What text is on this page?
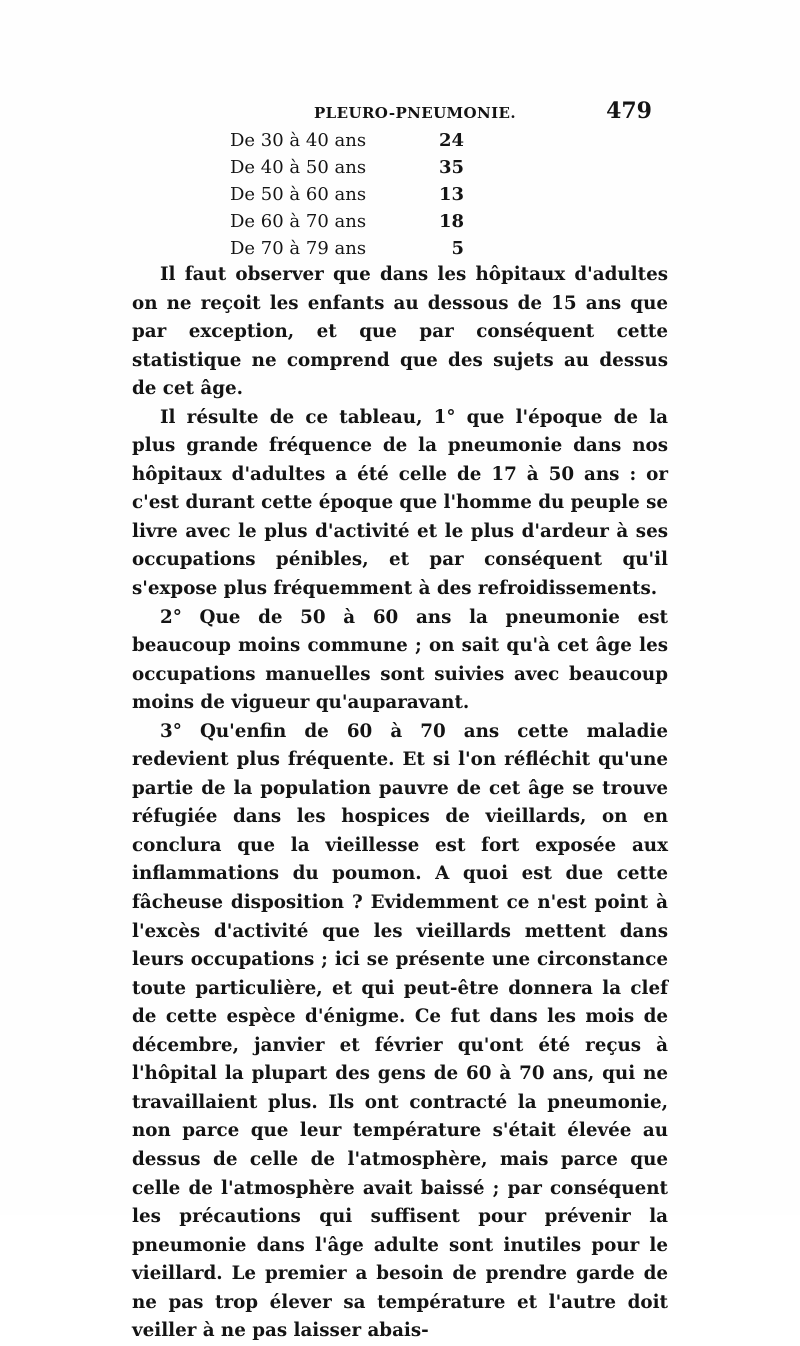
PLEURO-PNEUMONIE.	479
De 30 à 40 ans	24
De 40 à 50 ans	35
De 50 à 60 ans	13
De 60 à 70 ans	18
De 70 à 79 ans	5

Il faut observer que dans les hôpitaux d'adultes on ne reçoit les enfants au dessous de 15 ans que par exception, et que par conséquent cette statistique ne comprend que des sujets au dessus de cet âge.

Il résulte de ce tableau, 1° que l'époque de la plus grande fréquence de la pneumonie dans nos hôpitaux d'adultes a été celle de 17 à 50 ans : or c'est durant cette époque que l'homme du peuple se livre avec le plus d'activité et le plus d'ardeur à ses occupations pénibles, et par conséquent qu'il s'expose plus fréquemment à des refroidissements.

2° Que de 50 à 60 ans la pneumonie est beaucoup moins commune ; on sait qu'à cet âge les occupations manuelles sont suivies avec beaucoup moins de vigueur qu'auparavant.

3° Qu'enfin de 60 à 70 ans cette maladie redevient plus fréquente. Et si l'on réfléchit qu'une partie de la population pauvre de cet âge se trouve réfugiée dans les hospices de vieillards, on en conclura que la vieillesse est fort exposée aux inflammations du poumon. A quoi est due cette fâcheuse disposition ? Evidemment ce n'est point à l'excès d'activité que les vieillards mettent dans leurs occupations ; ici se présente une circonstance toute particulière, et qui peut-être donnera la clef de cette espèce d'énigme. Ce fut dans les mois de décembre, janvier et février qu'ont été reçus à l'hôpital la plupart des gens de 60 à 70 ans, qui ne travaillaient plus. Ils ont contracté la pneumonie, non parce que leur température s'était élevée au dessus de celle de l'atmosphère, mais parce que celle de l'atmosphère avait baissé ; par conséquent les précautions qui suffisent pour prévenir la pneumonie dans l'âge adulte sont inutiles pour le vieillard. Le premier a besoin de prendre garde de ne pas trop élever sa température et l'autre doit veiller à ne pas laisser abais-
